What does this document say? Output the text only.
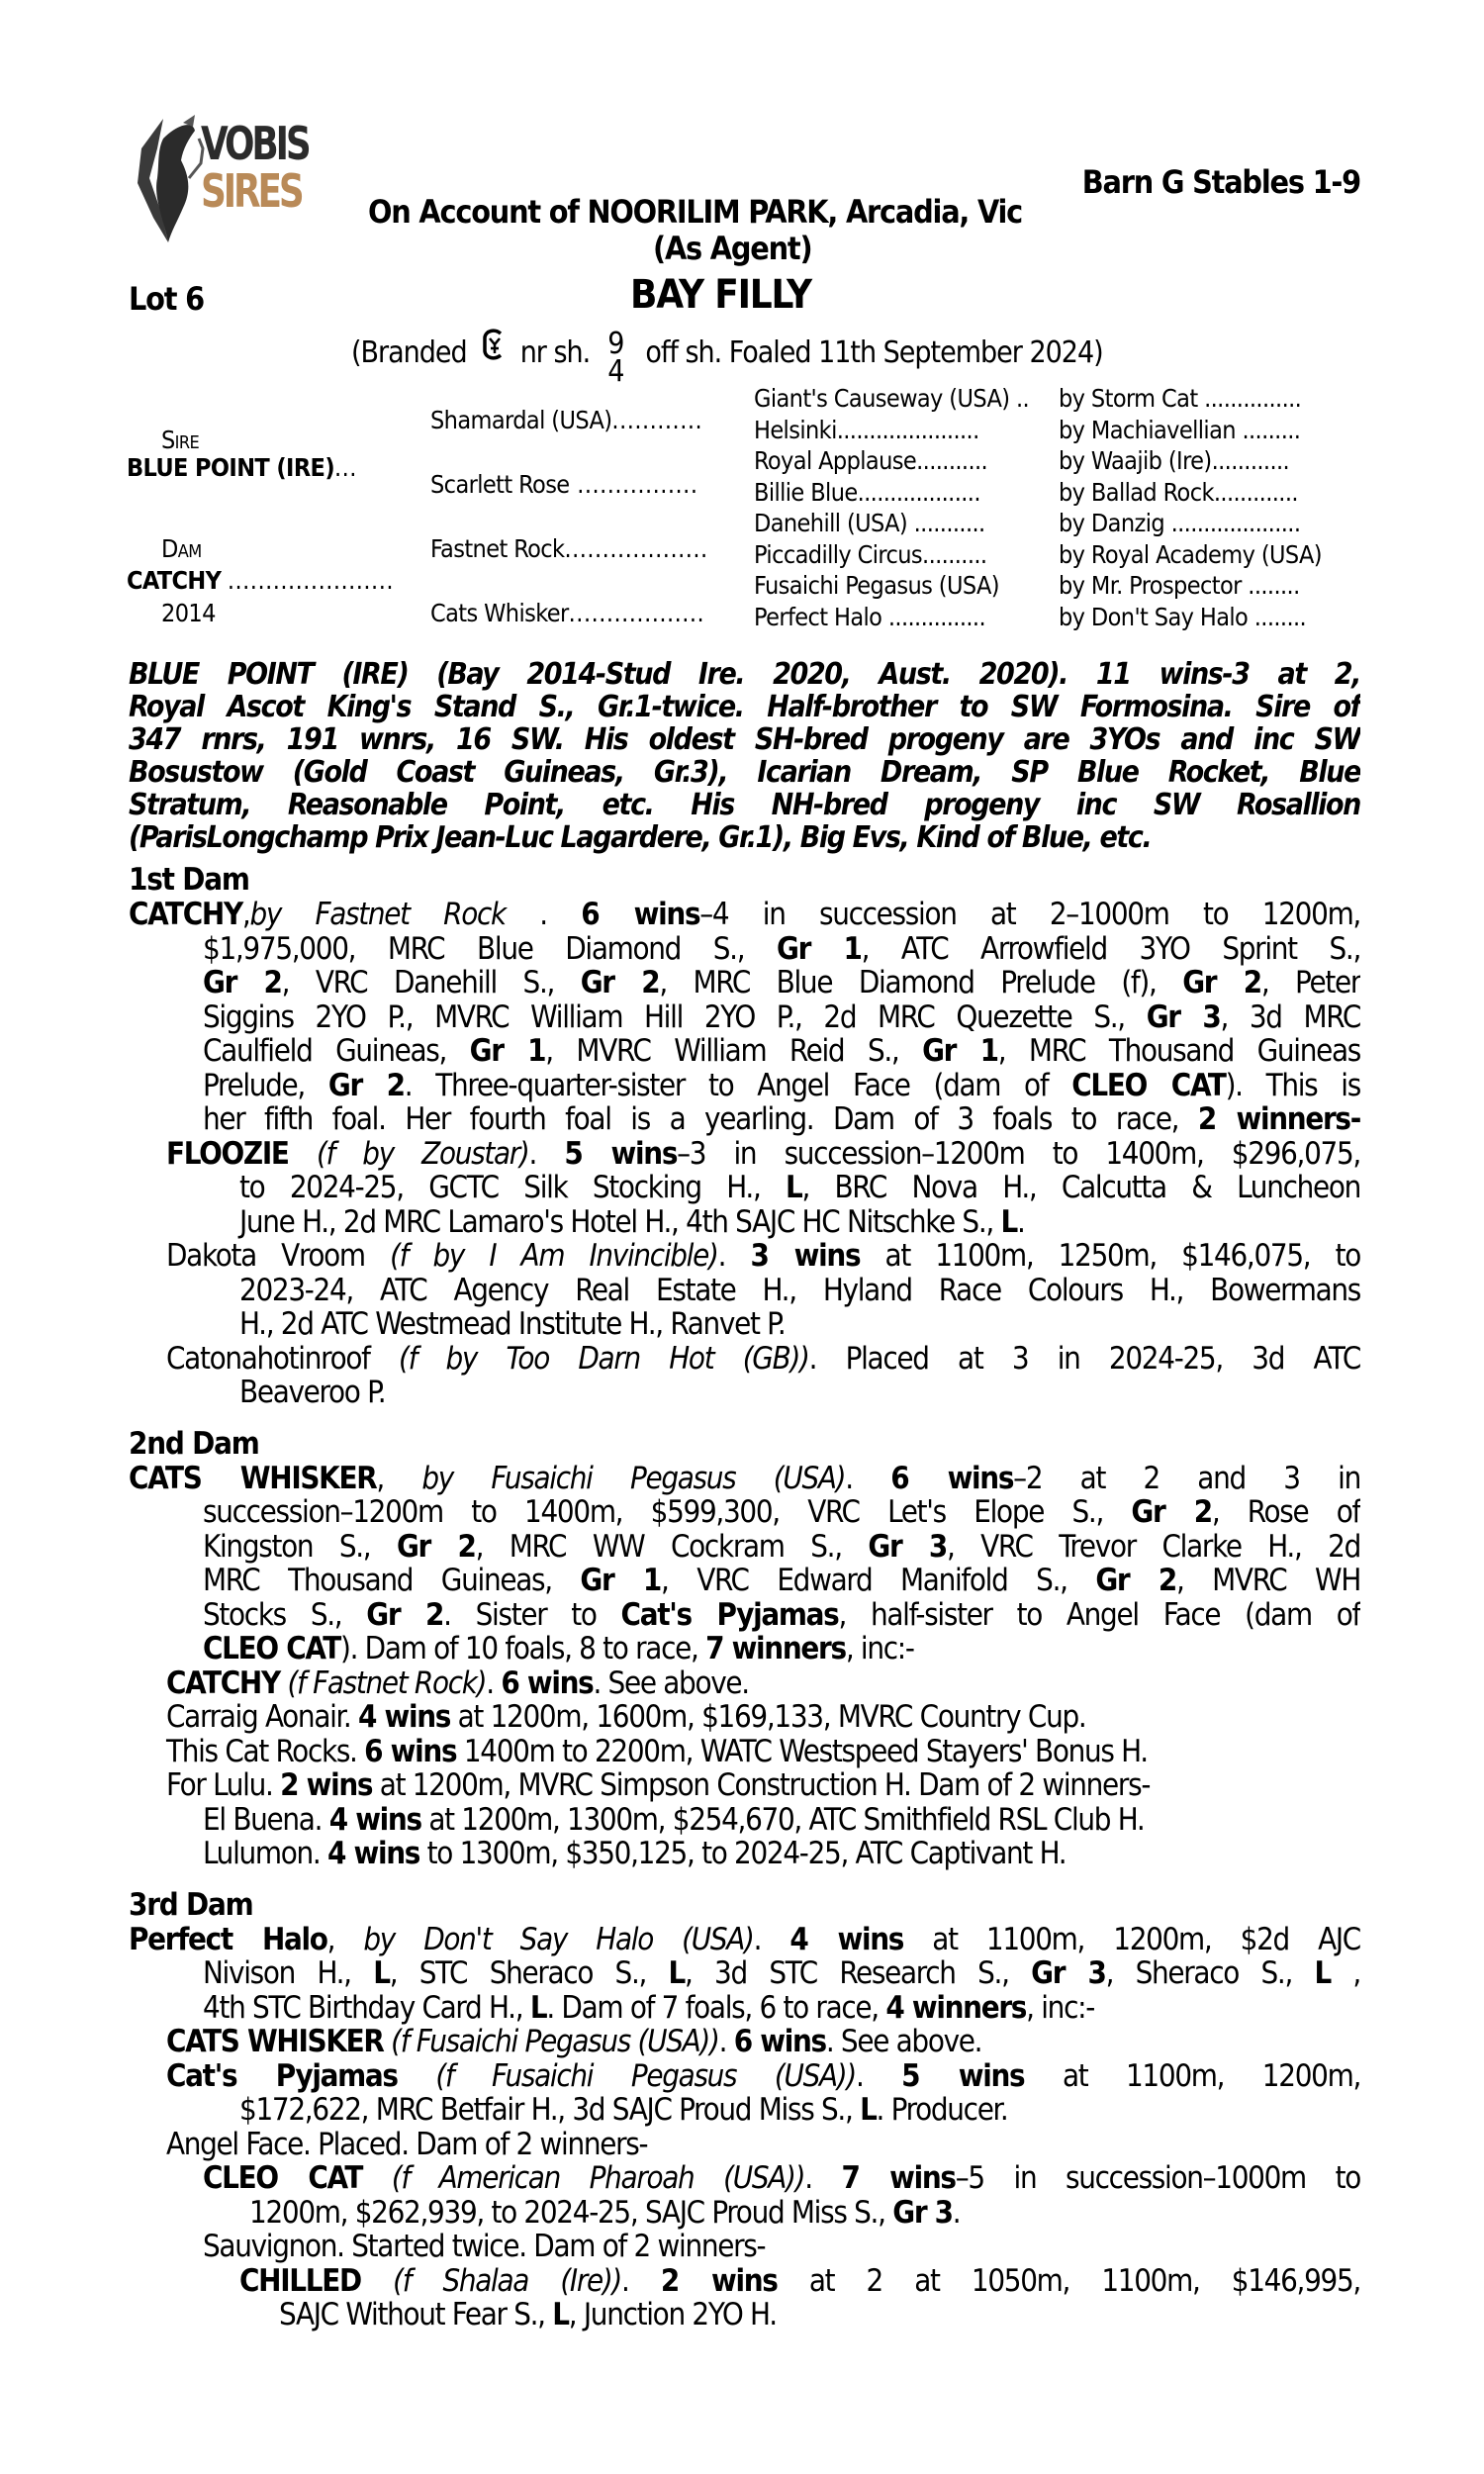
VOBIS
SIRES	Barn G Stables 1-9
On Account of NOORILIM PARK, Arcadia, Vic
(As Agent)
Lot 6	BAY FILLY
(Branded nr sh. 9
4
off sh. Foaled 11th September 2024)
Sire
BLUE POINT (IRE)...
Dam
CATCHY ......................
2014
Shamardal (USA)............
Scarlett Rose ................
Fastnet Rock...................
Cats Whisker..................
Giant's Causeway (USA) .. by Storm Cat ...............
Helsinki......................	by Machiavellian .........
Royal Applause...........	by Waajib (Ire)............
Billie Blue...................	by Ballad Rock.............
Danehill (USA) ...........	by Danzig ....................
Piccadilly Circus..........	by Royal Academy (USA)
Fusaichi Pegasus (USA) by Mr. Prospector ........
Perfect Halo ...............	by Don't Say Halo ........
BLUE POINT (IRE) (Bay 2014-Stud Ire. 2020, Aust. 2020). 11 wins-3 at 2,
Royal Ascot King's Stand S., Gr.1-twice. Half-brother to SW Formosina. Sire of
347 rnrs, 191 wnrs, 16 SW. His oldest SH-bred progeny are 3YOs and inc SW
Bosustow (Gold Coast Guineas, Gr.3), Icarian Dream, SP Blue Rocket, Blue
Stratum, Reasonable Point, etc. His NH-bred progeny inc SW Rosallion
(ParisLongchamp Prix Jean-Luc Lagardere, Gr.1), Big Evs, Kind of Blue, etc.
1st Dam
CATCHY,by Fastnet Rock . 6 wins–4 in succession at 2–1000m to 1200m,
$1,975,000, MRC Blue Diamond S., Gr 1, ATC Arrowfield 3YO Sprint S.,
Gr 2, VRC Danehill S., Gr 2, MRC Blue Diamond Prelude (f), Gr 2, Peter
Siggins 2YO P., MVRC William Hill 2YO P., 2d MRC Quezette S., Gr 3, 3d MRC
Caulfield Guineas, Gr 1, MVRC William Reid S., Gr 1, MRC Thousand Guineas
Prelude, Gr 2. Three-quarter-sister to Angel Face (dam of CLEO CAT). This is
her fifth foal. Her fourth foal is a yearling. Dam of 3 foals to race, 2 winners-
FLOOZIE (f by Zoustar). 5 wins–3 in succession–1200m to 1400m, $296,075,
to 2024-25, GCTC Silk Stocking H., L, BRC Nova H., Calcutta & Luncheon
June H., 2d MRC Lamaro's Hotel H., 4th SAJC HC Nitschke S., L.
Dakota Vroom (f by I Am Invincible). 3 wins at 1100m, 1250m, $146,075, to
2023-24, ATC Agency Real Estate H., Hyland Race Colours H., Bowermans
H., 2d ATC Westmead Institute H., Ranvet P.
Catonahotinroof (f by Too Darn Hot (GB)). Placed at 3 in 2024-25, 3d ATC
Beaveroo P.
2nd Dam
CATS WHISKER, by Fusaichi Pegasus (USA). 6 wins–2 at 2 and 3 in
succession–1200m to 1400m, $599,300, VRC Let's Elope S., Gr 2, Rose of
Kingston S., Gr 2, MRC WW Cockram S., Gr 3, VRC Trevor Clarke H., 2d
MRC Thousand Guineas, Gr 1, VRC Edward Manifold S., Gr 2, MVRC WH
Stocks S., Gr 2. Sister to Cat's Pyjamas, half-sister to Angel Face (dam of
CLEO CAT). Dam of 10 foals, 8 to race, 7 winners, inc:-
CATCHY (f Fastnet Rock). 6 wins. See above.
Carraig Aonair. 4 wins at 1200m, 1600m, $169,133, MVRC Country Cup.
This Cat Rocks. 6 wins 1400m to 2200m, WATC Westspeed Stayers' Bonus H.
For Lulu. 2 wins at 1200m, MVRC Simpson Construction H. Dam of 2 winners-
El Buena. 4 wins at 1200m, 1300m, $254,670, ATC Smithfield RSL Club H.
Lulumon. 4 wins to 1300m, $350,125, to 2024-25, ATC Captivant H.
3rd Dam
Perfect Halo, by Don't Say Halo (USA). 4 wins at 1100m, 1200m, $2d AJC
Nivison H., L, STC Sheraco S., L, 3d STC Research S., Gr 3, Sheraco S., L ,
4th STC Birthday Card H., L. Dam of 7 foals, 6 to race, 4 winners, inc:-
CATS WHISKER (f Fusaichi Pegasus (USA)). 6 wins. See above.
Cat's Pyjamas (f Fusaichi Pegasus (USA)). 5 wins at 1100m, 1200m,
$172,622, MRC Betfair H., 3d SAJC Proud Miss S., L. Producer.
Angel Face. Placed. Dam of 2 winners-
CLEO CAT (f American Pharoah (USA)). 7 wins–5 in succession–1000m to
1200m, $262,939, to 2024-25, SAJC Proud Miss S., Gr 3.
Sauvignon. Started twice. Dam of 2 winners-
CHILLED (f Shalaa (Ire)). 2 wins at 2 at 1050m, 1100m, $146,995,
SAJC Without Fear S., L, Junction 2YO H.
